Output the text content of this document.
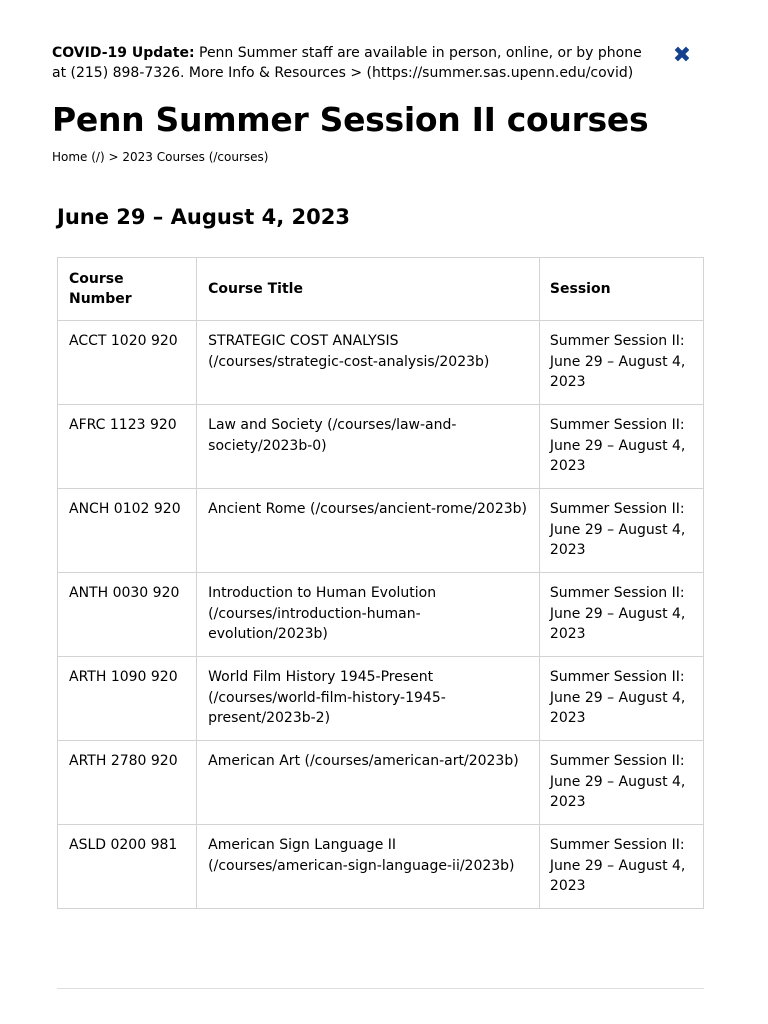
COVID-19 Update: Penn Summer staff are available in person, online, or by phone at (215) 898-7326. More Info & Resources > (https://summer.sas.upenn.edu/covid)
✖
Penn Summer Session II courses
Home (/) > 2023 Courses (/courses)
June 29 – August 4, 2023
Course Number	Course Title	Session
ACCT 1020 920	STRATEGIC COST ANALYSIS (/courses/strategic-cost-analysis/2023b)	Summer Session II: June 29 – August 4, 2023
AFRC 1123 920	Law and Society (/courses/law-and-society/2023b-0)	Summer Session II: June 29 – August 4, 2023
ANCH 0102 920	Ancient Rome (/courses/ancient-rome/2023b)	Summer Session II: June 29 – August 4, 2023
ANTH 0030 920	Introduction to Human Evolution (/courses/introduction-human-evolution/2023b)	Summer Session II: June 29 – August 4, 2023
ARTH 1090 920	World Film History 1945-Present (/courses/world-film-history-1945-present/2023b-2)	Summer Session II: June 29 – August 4, 2023
ARTH 2780 920	American Art (/courses/american-art/2023b)	Summer Session II: June 29 – August 4, 2023
ASLD 0200 981	American Sign Language II (/courses/american-sign-language-ii/2023b)	Summer Session II: June 29 – August 4, 2023
